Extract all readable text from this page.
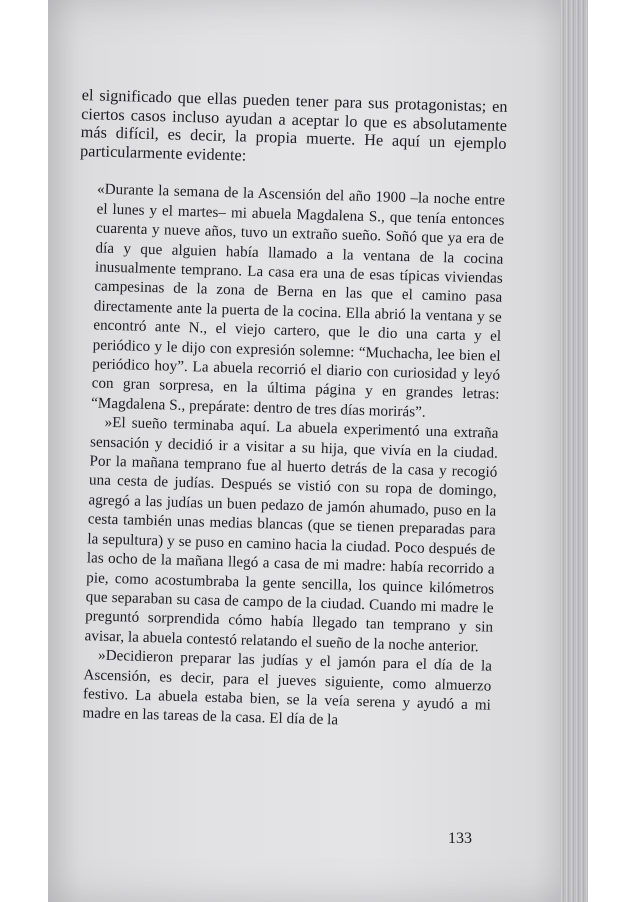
el significado que ellas pueden tener para sus protagonistas; en ciertos casos incluso ayudan a aceptar lo que es absolutamente más difícil, es decir, la propia muerte. He aquí un ejemplo particularmente evidente:

«Durante la semana de la Ascensión del año 1900 –la noche entre el lunes y el martes– mi abuela Magdalena S., que tenía entonces cuarenta y nueve años, tuvo un extraño sueño. Soñó que ya era de día y que alguien había llamado a la ventana de la cocina inusualmente temprano. La casa era una de esas típicas viviendas campesinas de la zona de Berna en las que el camino pasa directamente ante la puerta de la cocina. Ella abrió la ventana y se encontró ante N., el viejo cartero, que le dio una carta y el periódico y le dijo con expresión solemne: “Muchacha, lee bien el periódico hoy”. La abuela recorrió el diario con curiosidad y leyó con gran sorpresa, en la última página y en grandes letras: “Magdalena S., prepárate: dentro de tres días morirás”.

»El sueño terminaba aquí. La abuela experimentó una extraña sensación y decidió ir a visitar a su hija, que vivía en la ciudad. Por la mañana temprano fue al huerto detrás de la casa y recogió una cesta de judías. Después se vistió con su ropa de domingo, agregó a las judías un buen pedazo de jamón ahumado, puso en la cesta también unas medias blancas (que se tienen preparadas para la sepultura) y se puso en camino hacia la ciudad. Poco después de las ocho de la mañana llegó a casa de mi madre: había recorrido a pie, como acostumbraba la gente sencilla, los quince kilómetros que separaban su casa de campo de la ciudad. Cuando mi madre le preguntó sorprendida cómo había llegado tan temprano y sin avisar, la abuela contestó relatando el sueño de la noche anterior.

»Decidieron preparar las judías y el jamón para el día de la Ascensión, es decir, para el jueves siguiente, como almuerzo festivo. La abuela estaba bien, se la veía serena y ayudó a mi madre en las tareas de la casa. El día de la

133
